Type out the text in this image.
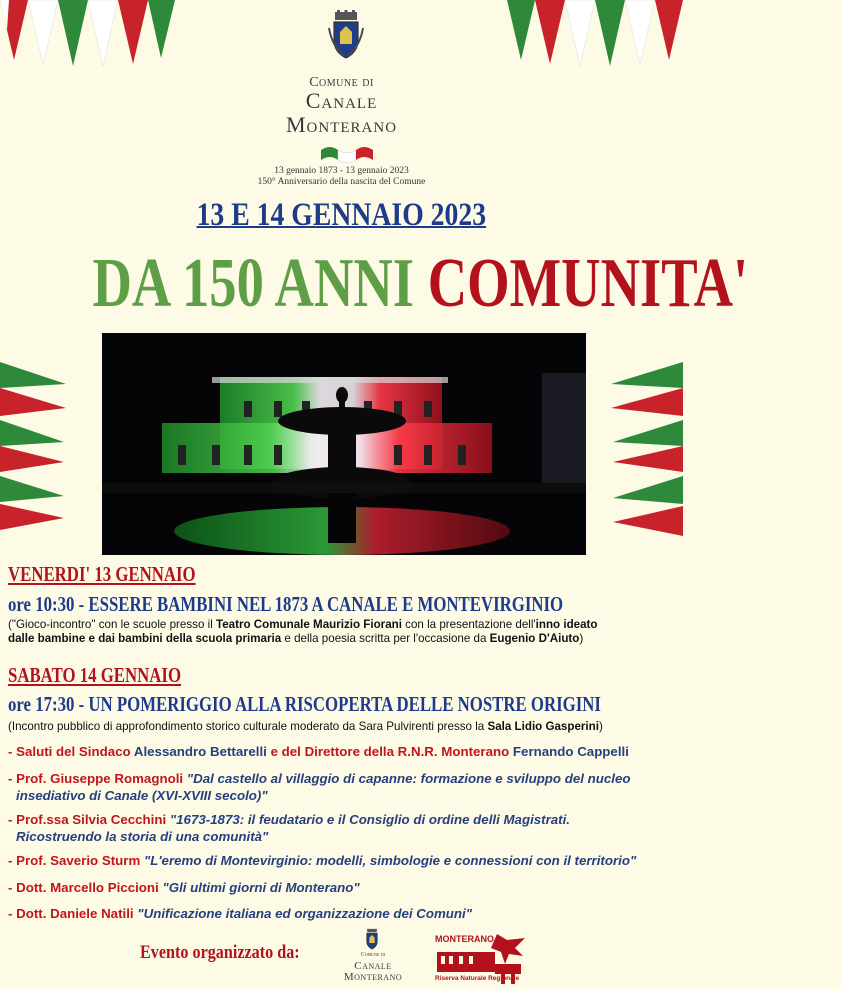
Comune di
Canale
Monterano
13 gennaio 1873 - 13 gennaio 2023
150° Anniversario della nascita del Comune
13 E 14 GENNAIO 2023
DA 150 ANNI COMUNITA'
VENERDI' 13 GENNAIO
ore 10:30 - ESSERE BAMBINI NEL 1873 A CANALE E MONTEVIRGINIO
("Gioco-incontro" con le scuole presso il Teatro Comunale Maurizio Fiorani con la presentazione dell'inno ideato
dalle bambine e dai bambini della scuola primaria e della poesia scritta per l'occasione da Eugenio D'Aiuto)
SABATO 14 GENNAIO
ore 17:30 - UN POMERIGGIO ALLA RISCOPERTA DELLE NOSTRE ORIGINI
(Incontro pubblico di approfondimento storico culturale moderato da Sara Pulvirenti presso la Sala Lidio Gasperini)
- Saluti del Sindaco Alessandro Bettarelli e del Direttore della R.N.R. Monterano Fernando Cappelli
- Prof. Giuseppe Romagnoli "Dal castello al villaggio di capanne: formazione e sviluppo del nucleo
insediativo di Canale (XVI-XVIII secolo)"
- Prof.ssa Silvia Cecchini "1673-1873: il feudatario e il Consiglio di ordine delli Magistrati.
Ricostruendo la storia di una comunità"
- Prof. Saverio Sturm "L'eremo di Montevirginio: modelli, simbologie e connessioni con il territorio"
- Dott. Marcello Piccioni "Gli ultimi giorni di Monterano"
- Dott. Daniele Natili "Unificazione italiana ed organizzazione dei Comuni"
Evento organizzato da:	Comune di
Canale
Monterano
MONTERANO
Riserva Naturale Regionale
